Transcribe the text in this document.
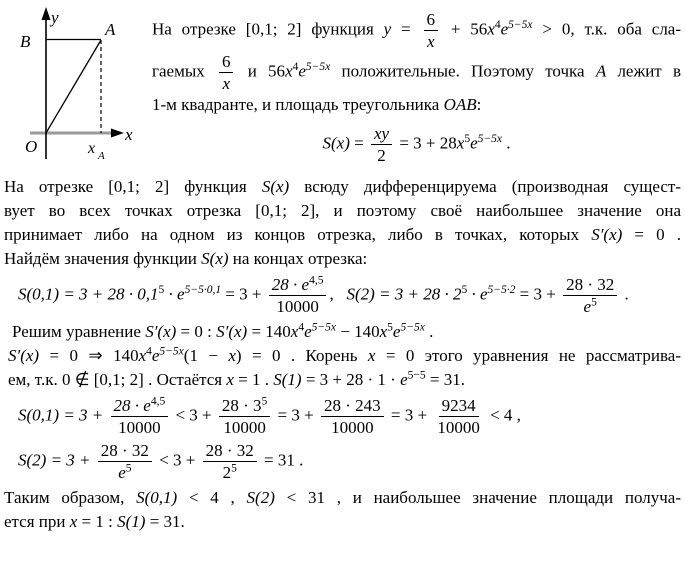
y
x
B
A
O	x A
На отрезке [0,1; 2] функция $y = \frac{6}{x} + 56x^4e^{5-5x} > 0$, т.к. оба сла-
гаемых $\frac{6}{x}$ и $56x^4e^{5-5x}$ положительные. Поэтому точка A лежит в
1-м квадранте, и площадь треугольника OAB:
$S(x) = \frac{xy}{2} = 3 + 28x^5e^{5-5x}$ .
На отрезке [0,1; 2] функция S(x) всюду дифференцируема (производная сущест-
вует во всех точках отрезка [0,1; 2], и поэтому своё наибольшее значение она
принимает либо на одном из концов отрезка, либо в точках, которых S′(x) = 0 .
Найдём значения функции S(x) на концах отрезка:
$S(0,1) = 3 + 28 \cdot 0,1^5 \cdot e^{5-5\cdot 0,1} = 3 + \frac{28 \cdot e^{4,5}}{10000}$ ,   $S(2) = 3 + 28 \cdot 2^5 \cdot e^{5-5\cdot 2} = 3 + \frac{28 \cdot 32}{e^5}$ .
Решим уравнение S′(x) = 0 : $S'(x) = 140x^4e^{5-5x} - 140x^5e^{5-5x}$ .
S′(x) = 0 ⇒ $140x^4e^{5-5x}(1 - x) = 0$ . Корень x = 0 этого уравнения не рассматрива-
ем, т.к. 0 ∉ [0,1; 2] . Остаётся x = 1 . $S(1) = 3 + 28 \cdot 1 \cdot e^{5-5} = 31$.
$S(0,1) = 3 + \frac{28 \cdot e^{4,5}}{10000} < 3 + \frac{28 \cdot 3^5}{10000} = 3 + \frac{28 \cdot 243}{10000} = 3 + \frac{9234}{10000} < 4$ ,
$S(2) = 3 + \frac{28 \cdot 32}{e^5} < 3 + \frac{28 \cdot 32}{2^5} = 31$ .
Таким образом, S(0,1) < 4 , S(2) < 31 , и наибольшее значение площади получа-
ется при x = 1 : S(1) = 31.
